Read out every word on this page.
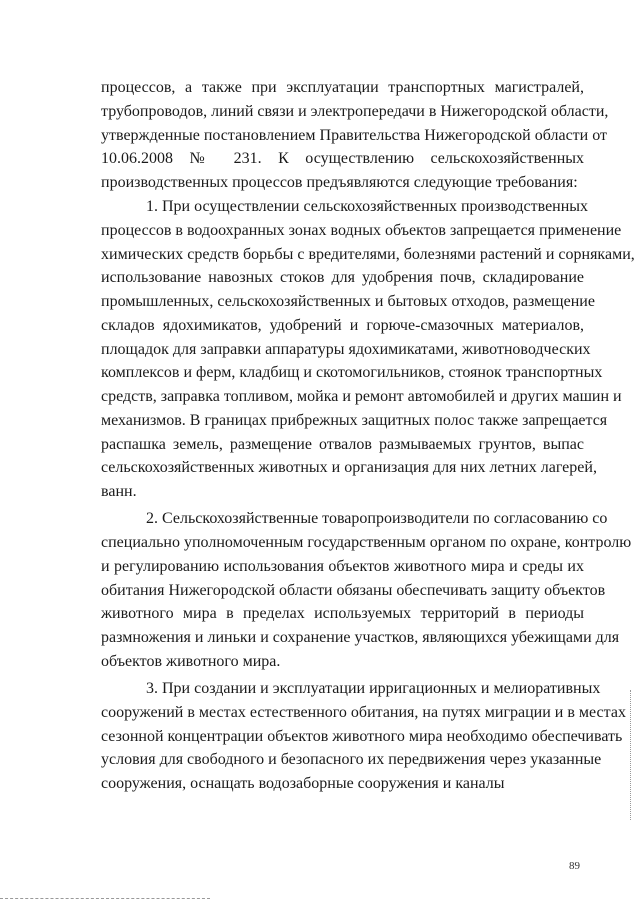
процессов, а также при эксплуатации транспортных магистралей,
трубопроводов, линий связи и электропередачи в Нижегородской области,
утвержденные постановлением Правительства Нижегородской области от
10.06.2008 № 231. К осуществлению сельскохозяйственных
производственных процессов предъявляются следующие требования:
1. При осуществлении сельскохозяйственных производственных
процессов в водоохранных зонах водных объектов запрещается применение
химических средств борьбы с вредителями, болезнями растений и сорняками,
использование навозных стоков для удобрения почв, складирование
промышленных, сельскохозяйственных и бытовых отходов, размещение
складов ядохимикатов, удобрений и горюче-смазочных материалов,
площадок для заправки аппаратуры ядохимикатами, животноводческих
комплексов и ферм, кладбищ и скотомогильников, стоянок транспортных
средств, заправка топливом, мойка и ремонт автомобилей и других машин и
механизмов. В границах прибрежных защитных полос также запрещается
распашка земель, размещение отвалов размываемых грунтов, выпас
сельскохозяйственных животных и организация для них летних лагерей,
ванн.
2. Сельскохозяйственные товаропроизводители по согласованию со
специально уполномоченным государственным органом по охране, контролю
и регулированию использования объектов животного мира и среды их
обитания Нижегородской области обязаны обеспечивать защиту объектов
животного мира в пределах используемых территорий в периоды
размножения и линьки и сохранение участков, являющихся убежищами для
объектов животного мира.
3. При создании и эксплуатации ирригационных и мелиоративных
сооружений в местах естественного обитания, на путях миграции и в местах
сезонной концентрации объектов животного мира необходимо обеспечивать
условия для свободного и безопасного их передвижения через указанные
сооружения, оснащать водозаборные сооружения и каналы
89
